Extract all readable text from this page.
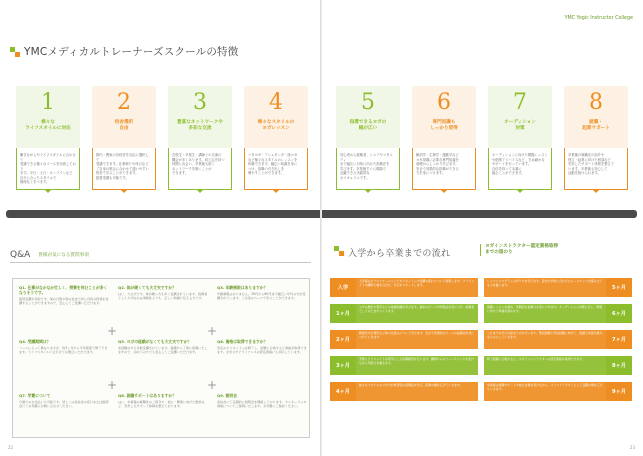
YMCメディカルトレーナーズスクールの特徴
1
様々な
ライフスタイルに対応
働きながらやライフスタイルに合わせて
受講できる様々なコースを用意しており
ます。平日・土日・オンラインなど
自分に合ったスタイルで
無理なく学べます。
2
校舎選択
自由
都内・関東の各校舎を自由に選択して
受講できます。仕事帰りや休日など
ご自身の都合に合わせて通いやすい
校舎で学ぶことができます。
振替受講も可能です。
3
豊富なネットワークや
多彩な交流
在校生・卒業生・講師との交流の
機会が多くあります。同じ志を持つ
仲間と出会い、卒業後も続く
ネットワークを築くことが
できます。
4
様々なスタイルの
ヨガレッスン
ハタヨガ・アシュタンガ・陰ヨガ
など様々なスタイルのレッスンを
体験できます。幅広い知識を身に
つけ、指導の引き出しを
増やすことができます。
Q&A 皆様が気になる質問事項
+	+
+	+
Q1. 仕事がなかなか忙しく、授業を休むことが多くなりそうです。
振替受講が可能です。別の日程や別の校舎で同じ内容の授業を受講することができますので、安心してご受講いただけます。
Q2. 体が硬くても大丈夫ですか？
はい、大丈夫です。体が硬い方も多く受講されています。指導者として大切なのは柔軟性よりも、正しい知識と伝える力です。
Q3. 年齢制限はありますか？
年齢制限はありません。20代から60代まで幅広い年代の方が受講されています。ご自身のペースで学ぶことができます。
Q4. 受講期間は？
コースによって異なりますが、約3ヶ月から半年程度で修了できます。ライフスタイルに合わせてお選びいただけます。
Q5. ヨガの経験がなくても大丈夫ですか？
未経験の方も多数受講されています。基礎から丁寧に指導いたしますので、初めての方でも安心してご受講いただけます。
Q6. 資格は取得できますか？
所定のカリキュラムを修了し、試験に合格すると資格が取得できます。全米ヨガアライアンスの認定資格にも対応しています。
Q7. 学費について
分割でのお支払いも可能です。詳しくは各校舎の窓口または説明会にてお気軽にお問い合わせください。
Q8. 就職サポートはありますか？
はい、卒業後の就職先のご紹介や、独立・開業に向けた相談など、充実したサポート体制を整えております。
Q9. 説明会
各校舎にて定期的に説明会を開催しております。カリキュラムや資格についてご説明いたします。お気軽にご参加ください。
22
YMC Yogic Instructor College
5
指導できるヨガの
幅が広い
初心者から経験者、シニアやマタニティ
まで幅広い対象に向けた指導法を
学びます。卒業後すぐに現場で
活躍できる実践的な
カリキュラムです。
6
専門知識も
しっかり習得
解剖学・生理学・運動学など
ヨガ指導に必要な専門知識を
基礎からしっかり学びます。
安全で効果的な指導ができる
力を身につけます。
7
オーディション
対策
オーディションに向けた模擬レッスン
や個別アドバイスなど、きめ細かな
サポートを行っています。
自信を持って本番に
臨むことができます。
8
就職・
起業サポート
卒業後の就職先の紹介や
独立・起業に向けた相談など
充実したサポート体制を整えて
います。卒業後も安心して
活動を続けられます。
入学から卒業までの流れ
ヨガインストラクター認定資格取得
までの道のり
入学
入学後はオリエンテーションでカリキュラムや受講の流れについて説明します。クラスメイトや講師と顔を合わせ、学びをスタートします。
1ヶ月
ヨガの歴史や哲学などの基礎知識を学びます。基本のポーズや呼吸法を身につけ、指導者としての土台をつくります。
2ヶ月
解剖学や生理学など体の仕組みについて学びます。安全で効果的なポーズの指導法を身につけていきます。
3ヶ月
実際にクラスメイトを相手にした指導練習を行います。講師からのフィードバックを受けながら実践力を磨きます。
4ヶ月
様々なスタイルのヨガや対象者別の指導法を学び、指導の幅を広げていきます。
レッスンプログラムの作り方を学びます。目的や対象に合わせたシークエンスを組み立てる力を養います。
5ヶ月
模擬レッスンを重ね、実践的な指導力を身につけます。オーディション対策も行い、現場に向けて準備を進めます。
6ヶ月
これまでの学びの総まとめを行います。筆記試験と実技試験に向けて、知識と技術を確かなものにしていきます。
7ヶ月
修了試験に合格すると、ヨガインストラクターの認定資格を取得できます。
8ヶ月
卒業後は就職サポートや独立支援を受けながら、インストラクターとして活躍の場を広げていきます。
9ヶ月
23
